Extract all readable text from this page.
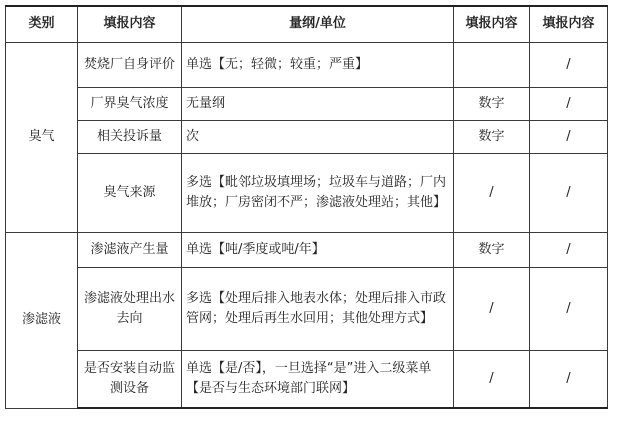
类别	填报内容	量纲/单位	填报内容	填报内容
臭气	焚烧厂自身评价	单选【无；轻微；较重；严重】		/
	厂界臭气浓度	无量纲	数字	/
	相关投诉量	次	数字	/
	臭气来源	多选【毗邻垃圾填埋场；垃圾车与道路；厂内堆放；厂房密闭不严；渗滤液处理站；其他】	/	/
渗滤液	渗滤液产生量	单选【吨/季度或吨/年】	数字	/
	渗滤液处理出水去向	多选【处理后排入地表水体；处理后排入市政管网；处理后再生水回用；其他处理方式】	/	/
	是否安装自动监测设备	单选【是/否】，一旦选择“是”进入二级菜单【是否与生态环境部门联网】	/	/
